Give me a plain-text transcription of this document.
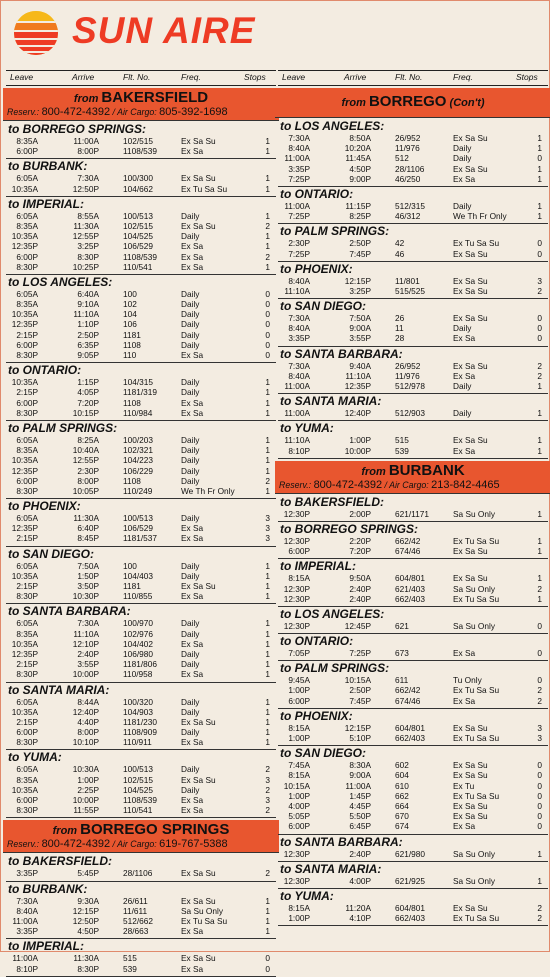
SUN AIRE
Leave	Arrive	Flt. No.	Freq.	Stops
from BAKERSFIELD
Reserv.: 800-472-4392 / Air Cargo: 805-392-1698
to BORREGO SPRINGS:
8:35A	11:00A	102/515	Ex Sa Su	1
6:00P	8:00P	1108/539	Ex Sa	1
to BURBANK:
6:05A	7:30A	100/300	Ex Sa Su	1
10:35A	12:50P	104/662	Ex Tu Sa Su	1
to IMPERIAL:
6:05A	8:55A	100/513	Daily	1
8:35A	11:30A	102/515	Ex Sa Su	2
10:35A	12:55P	104/525	Daily	1
12:35P	3:25P	106/529	Ex Sa	1
6:00P	8:30P	1108/539	Ex Sa	2
8:30P	10:25P	110/541	Ex Sa	1
to LOS ANGELES:
6:05A	6:40A	100	Daily	0
8:35A	9:10A	102	Daily	0
10:35A	11:10A	104	Daily	0
12:35P	1:10P	106	Daily	0
2:15P	2:50P	1181	Daily	0
6:00P	6:35P	1108	Daily	0
8:30P	9:05P	110	Ex Sa	0
to ONTARIO:
10:35A	1:15P	104/315	Daily	1
2:15P	4:05P	1181/319	Daily	1
6:00P	7:20P	1108	Ex Sa	1
8:30P	10:15P	110/984	Ex Sa	1
to PALM SPRINGS:
6:05A	8:25A	100/203	Daily	1
8:35A	10:40A	102/321	Daily	1
10:35A	12:55P	104/223	Daily	1
12:35P	2:30P	106/229	Daily	1
6:00P	8:00P	1108	Daily	2
8:30P	10:05P	110/249	We Th Fr Only	1
to PHOENIX:
6:05A	11:30A	100/513	Daily	3
12:35P	6:40P	106/529	Ex Sa	3
2:15P	8:45P	1181/537	Ex Sa	3
to SAN DIEGO:
6:05A	7:50A	100	Daily	1
10:35A	1:50P	104/403	Daily	1
2:15P	3:50P	1181	Ex Sa Su	1
8:30P	10:30P	110/855	Ex Sa	1
to SANTA BARBARA:
6:05A	7:30A	100/970	Daily	1
8:35A	11:10A	102/976	Daily	1
10:35A	12:10P	104/402	Ex Sa	1
12:35P	2:40P	106/980	Daily	1
2:15P	3:55P	1181/806	Daily	1
8:30P	10:00P	110/958	Ex Sa	1
to SANTA MARIA:
6:05A	8:44A	100/320	Daily	1
10:35A	12:40P	104/903	Daily	1
2:15P	4:40P	1181/230	Ex Sa Su	1
6:00P	8:00P	1108/909	Daily	1
8:30P	10:10P	110/911	Ex Sa	1
to YUMA:
6:05A	10:30A	100/513	Daily	2
8:35A	1:00P	102/515	Ex Sa Su	3
10:35A	2:25P	104/525	Daily	2
6:00P	10:00P	1108/539	Ex Sa	3
8:30P	11:55P	110/541	Ex Sa	2
from BORREGO SPRINGS
Reserv.: 800-472-4392 / Air Cargo: 619-767-5388
to BAKERSFIELD:
3:35P	5:45P	28/1106	Ex Sa Su	2
to BURBANK:
7:30A	9:30A	26/611	Ex Sa Su	1
8:40A	12:15P	11/611	Sa Su Only	1
11:00A	12:50P	512/662	Ex Tu Sa Su	1
3:35P	4:50P	28/663	Ex Sa	1
to IMPERIAL:
11:00A	11:30A	515	Ex Sa Su	0
8:10P	8:30P	539	Ex Sa	0
Leave	Arrive	Flt. No.	Freq.	Stops
from BORREGO (Con't)
to LOS ANGELES:
7:30A	8:50A	26/952	Ex Sa Su	1
8:40A	10:20A	11/976	Daily	1
11:00A	11:45A	512	Daily	0
3:35P	4:50P	28/1106	Ex Sa Su	1
7:25P	9:00P	46/250	Ex Sa	1
to ONTARIO:
11:00A	11:15P	512/315	Daily	1
7:25P	8:25P	46/312	We Th Fr Only	1
to PALM SPRINGS:
2:30P	2:50P	42	Ex Tu Sa Su	0
7:25P	7:45P	46	Ex Sa Su	0
to PHOENIX:
8:40A	12:15P	11/801	Ex Sa Su	3
11:10A	3:25P	515/525	Ex Sa Su	2
to SAN DIEGO:
7:30A	7:50A	26	Ex Sa Su	0
8:40A	9:00A	11	Daily	0
3:35P	3:55P	28	Ex Sa	0
to SANTA BARBARA:
7:30A	9:40A	26/952	Ex Sa Su	2
8:40A	11:10A	11/976	Ex Sa	2
11:00A	12:35P	512/978	Daily	1
to SANTA MARIA:
11:00A	12:40P	512/903	Daily	1
to YUMA:
11:10A	1:00P	515	Ex Sa Su	1
8:10P	10:00P	539	Ex Sa	1
from BURBANK
Reserv.: 800-472-4392 / Air Cargo: 213-842-4465
to BAKERSFIELD:
12:30P	2:00P	621/1171	Sa Su Only	1
to BORREGO SPRINGS:
12:30P	2:20P	662/42	Ex Tu Sa Su	1
6:00P	7:20P	674/46	Ex Sa Su	1
to IMPERIAL:
8:15A	9:50A	604/801	Ex Sa Su	1
12:30P	2:40P	621/403	Sa Su Only	2
12:30P	2:40P	662/403	Ex Tu Sa Su	1
to LOS ANGELES:
12:30P	12:45P	621	Sa Su Only	0
to ONTARIO:
7:05P	7:25P	673	Ex Sa	0
to PALM SPRINGS:
9:45A	10:15A	611	Tu Only	0
1:00P	2:50P	662/42	Ex Tu Sa Su	2
6:00P	7:45P	674/46	Ex Sa	2
to PHOENIX:
8:15A	12:15P	604/801	Ex Sa Su	3
1:00P	5:10P	662/403	Ex Tu Sa Su	3
to SAN DIEGO:
7:45A	8:30A	602	Ex Sa Su	0
8:15A	9:00A	604	Ex Sa Su	0
10:15A	11:00A	610	Ex Tu	0
1:00P	1:45P	662	Ex Tu Sa Su	0
4:00P	4:45P	664	Ex Sa Su	0
5:05P	5:50P	670	Ex Sa Su	0
6:00P	6:45P	674	Ex Sa	0
to SANTA BARBARA:
12:30P	2:40P	621/980	Sa Su Only	1
to SANTA MARIA:
12:30P	4:00P	621/925	Sa Su Only	1
to YUMA:
8:15A	11:20A	604/801	Ex Sa Su	2
1:00P	4:10P	662/403	Ex Tu Sa Su	2
